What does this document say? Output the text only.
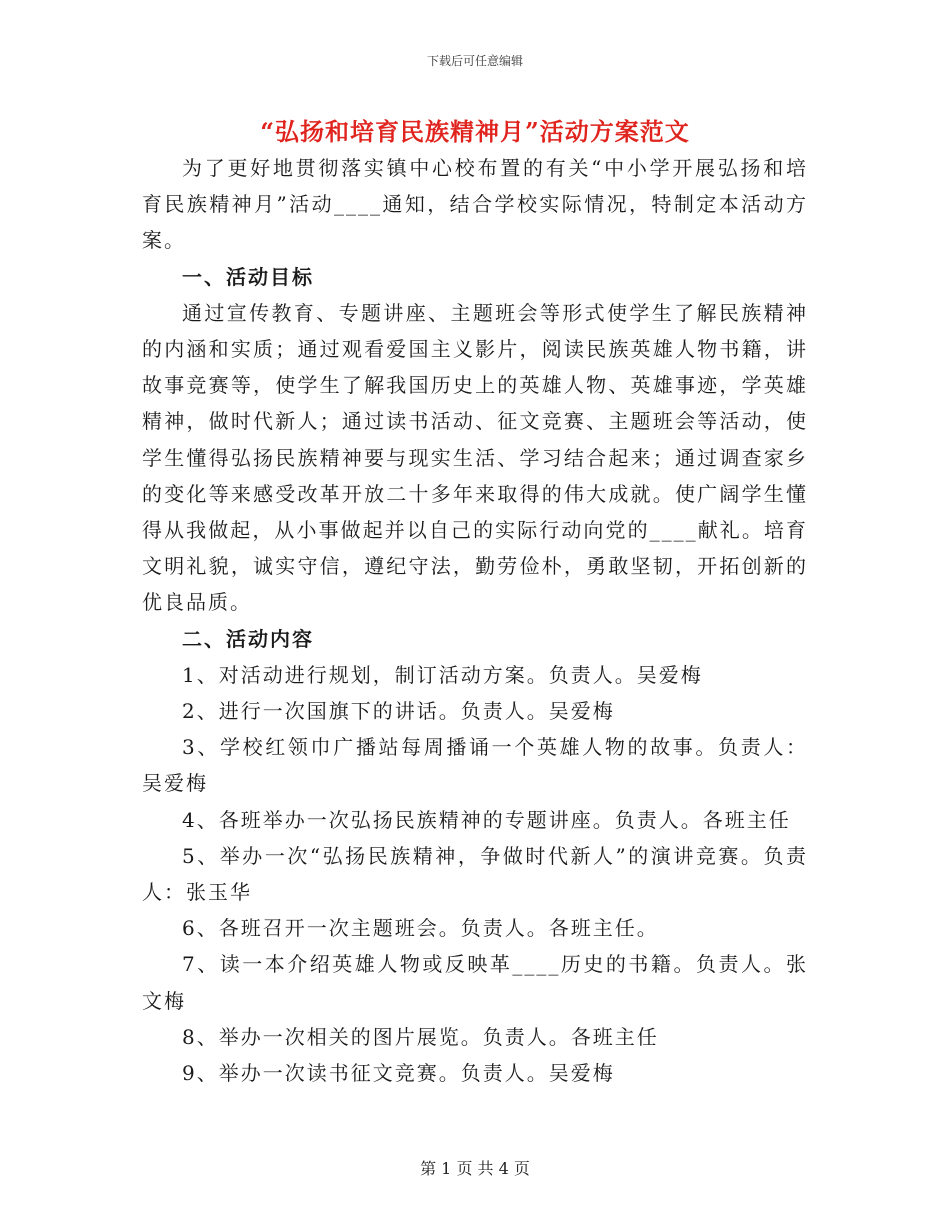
下载后可任意编辑
“弘扬和培育民族精神月”活动方案范文

为了更好地贯彻落实镇中心校布置的有关“中小学开展弘扬和培育民族精神月”活动____通知，结合学校实际情况，特制定本活动方案。

一、活动目标

通过宣传教育、专题讲座、主题班会等形式使学生了解民族精神的内涵和实质；通过观看爱国主义影片，阅读民族英雄人物书籍，讲故事竞赛等，使学生了解我国历史上的英雄人物、英雄事迹，学英雄精神，做时代新人；通过读书活动、征文竞赛、主题班会等活动，使学生懂得弘扬民族精神要与现实生活、学习结合起来；通过调查家乡的变化等来感受改革开放二十多年来取得的伟大成就。使广阔学生懂得从我做起，从小事做起并以自己的实际行动向党的____献礼。培育文明礼貌，诚实守信，遵纪守法，勤劳俭朴，勇敢坚韧，开拓创新的优良品质。

二、活动内容

1、对活动进行规划，制订活动方案。负责人。吴爱梅

2、进行一次国旗下的讲话。负责人。吴爱梅

3、学校红领巾广播站每周播诵一个英雄人物的故事。负责人：吴爱梅

4、各班举办一次弘扬民族精神的专题讲座。负责人。各班主任

5、举办一次“弘扬民族精神，争做时代新人”的演讲竞赛。负责人：张玉华

6、各班召开一次主题班会。负责人。各班主任。

7、读一本介绍英雄人物或反映革____历史的书籍。负责人。张文梅

8、举办一次相关的图片展览。负责人。各班主任

9、举办一次读书征文竞赛。负责人。吴爱梅

第 1 页 共 4 页
